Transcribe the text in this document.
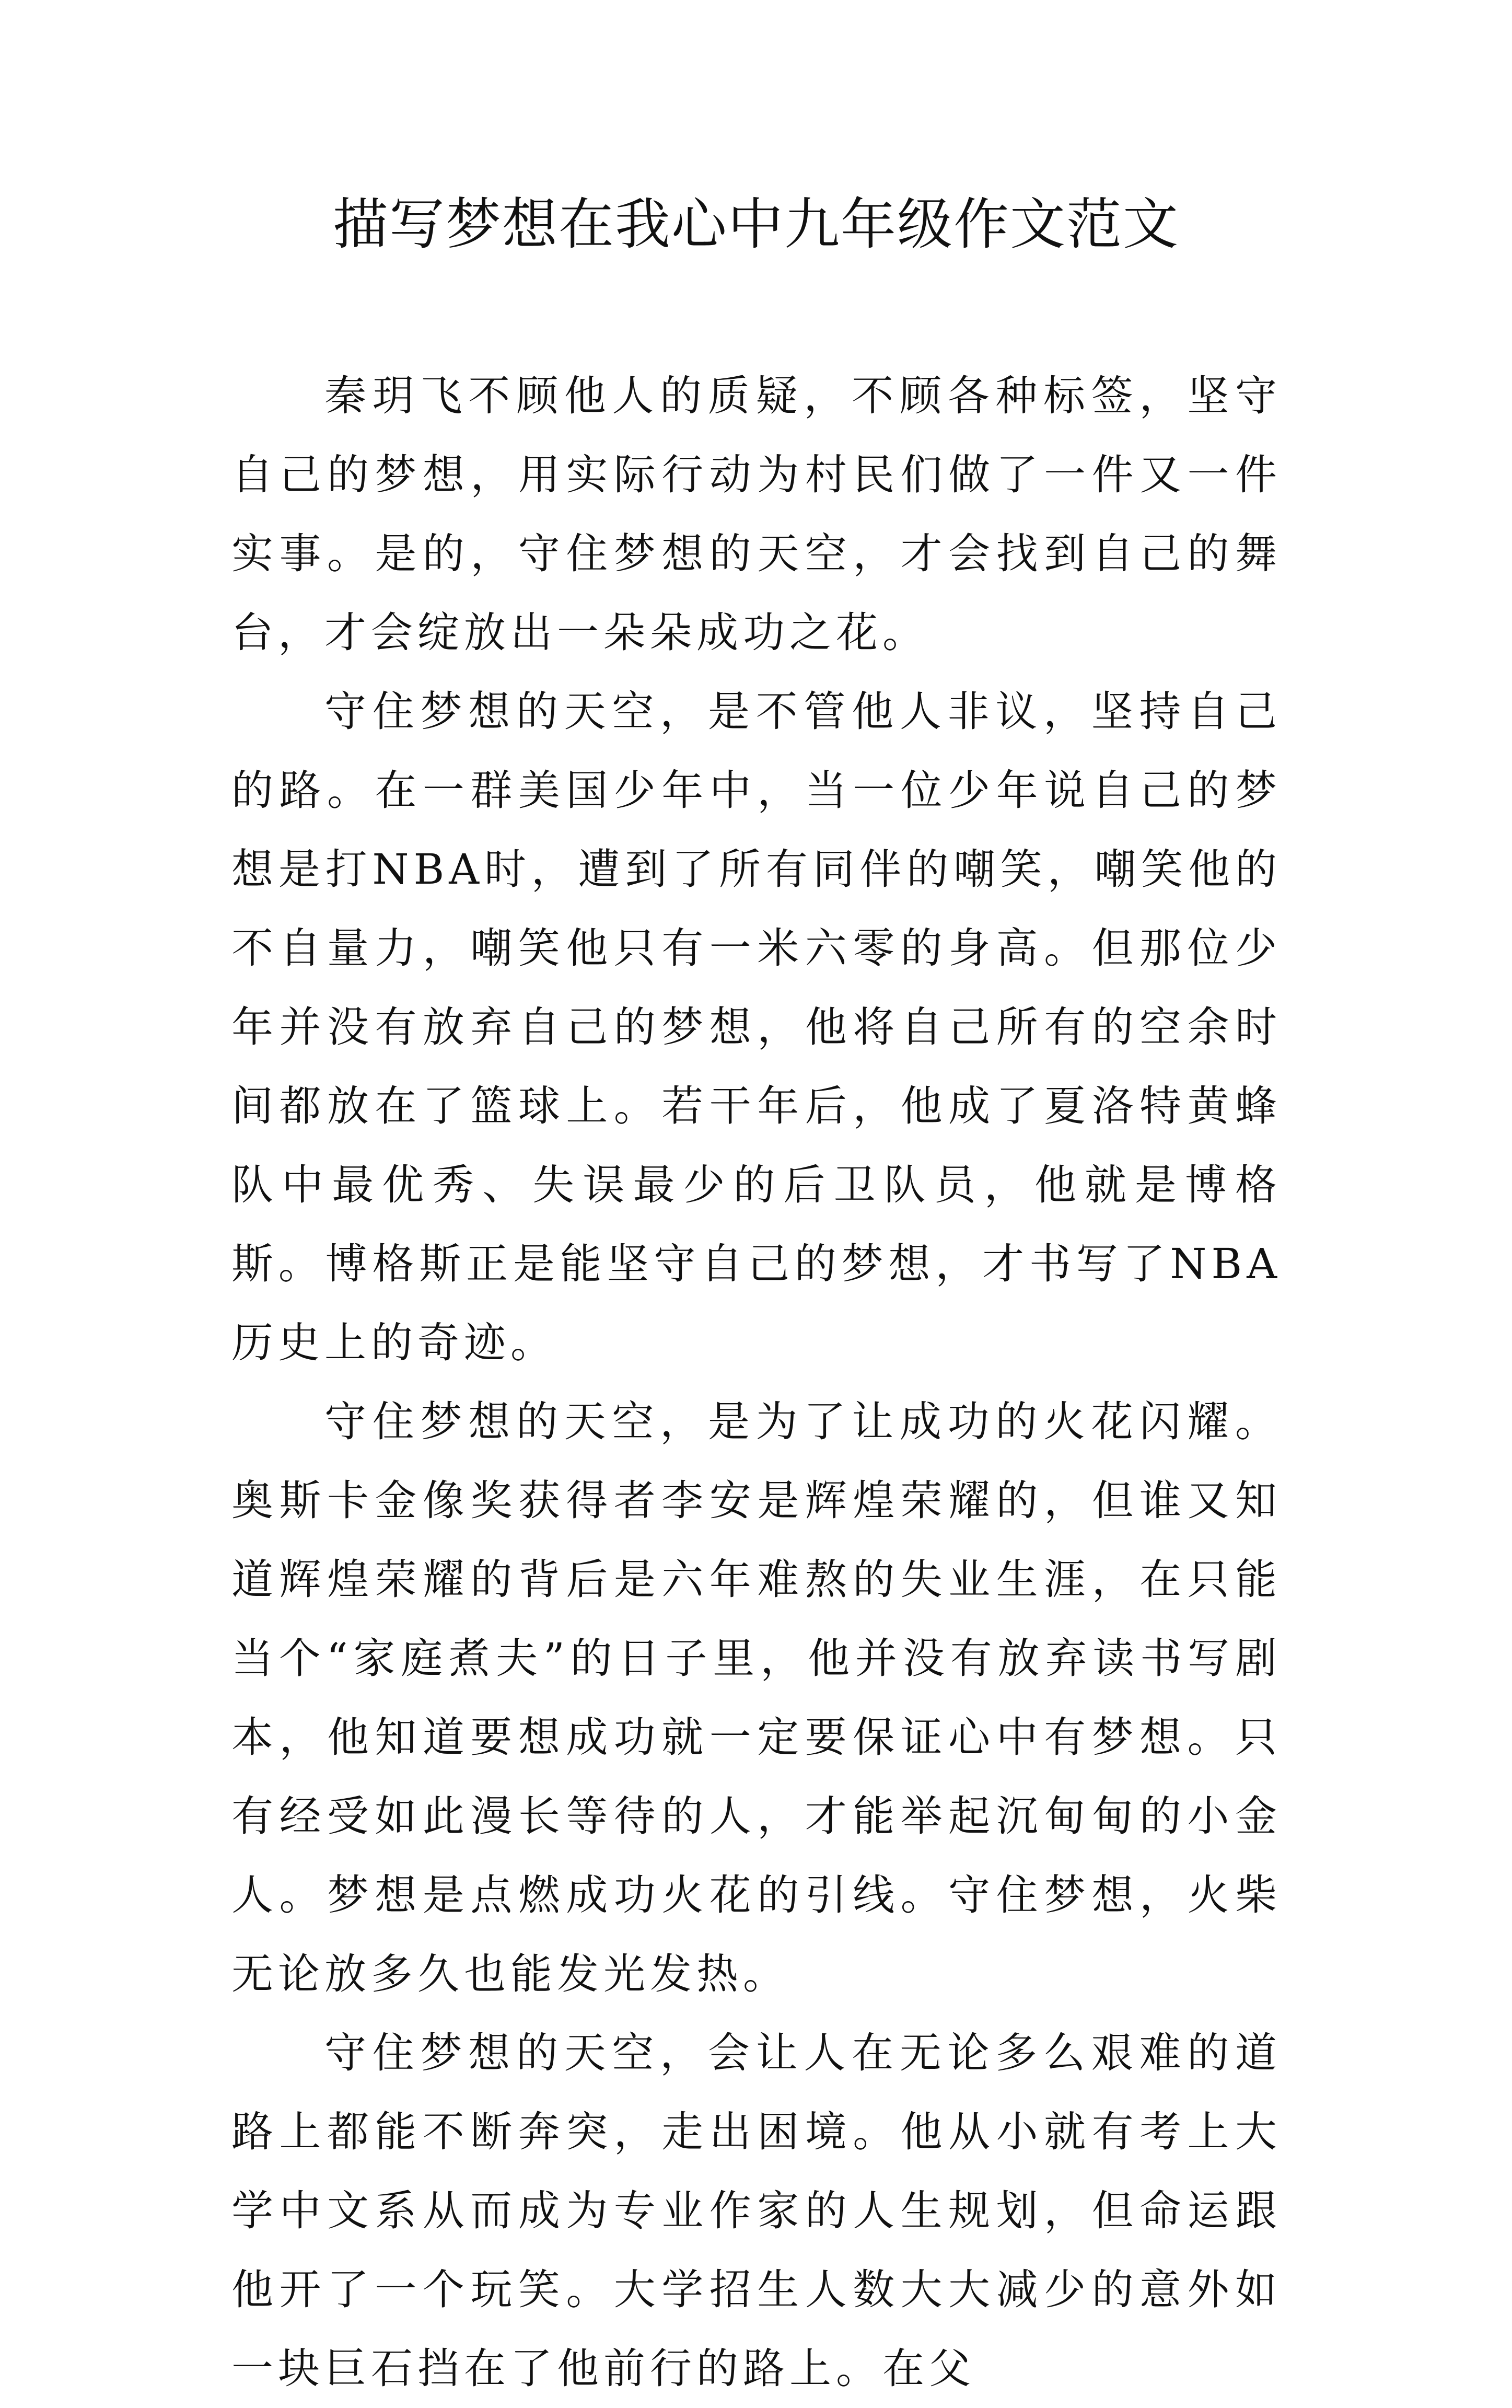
描写梦想在我心中九年级作文范文

秦玥飞不顾他人的质疑，不顾各种标签，坚守自己的梦想，用实际行动为村民们做了一件又一件实事。是的，守住梦想的天空，才会找到自己的舞台，才会绽放出一朵朵成功之花。

守住梦想的天空，是不管他人非议，坚持自己的路。在一群美国少年中，当一位少年说自己的梦想是打NBA时，遭到了所有同伴的嘲笑，嘲笑他的不自量力，嘲笑他只有一米六零的身高。但那位少年并没有放弃自己的梦想，他将自己所有的空余时间都放在了篮球上。若干年后，他成了夏洛特黄蜂队中最优秀、失误最少的后卫队员，他就是博格斯。博格斯正是能坚守自己的梦想，才书写了NBA历史上的奇迹。

守住梦想的天空，是为了让成功的火花闪耀。奥斯卡金像奖获得者李安是辉煌荣耀的，但谁又知道辉煌荣耀的背后是六年难熬的失业生涯，在只能当个“家庭煮夫”的日子里，他并没有放弃读书写剧本，他知道要想成功就一定要保证心中有梦想。只有经受如此漫长等待的人，才能举起沉甸甸的小金人。梦想是点燃成功火花的引线。守住梦想，火柴无论放多久也能发光发热。

守住梦想的天空，会让人在无论多么艰难的道路上都能不断奔突，走出困境。他从小就有考上大学中文系从而成为专业作家的人生规划，但命运跟他开了一个玩笑。大学招生人数大大减少的意外如一块巨石挡在了他前行的路上。在父
